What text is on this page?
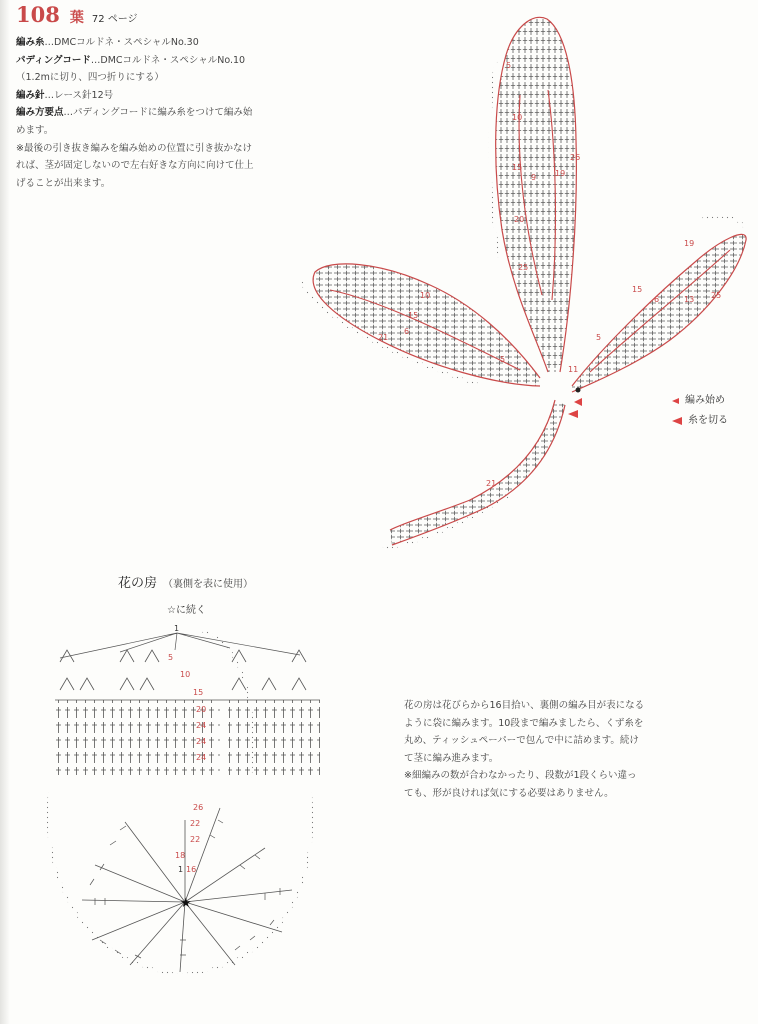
108 葉 72 ページ
編み糸…DMCコルドネ・スペシャルNo.30
パディングコード…DMCコルドネ・スペシャルNo.10
（1.2mに切り、四つ折りにする）
編み針…レース針12号
編み方要点…パディングコードに編み糸をつけて編み始
めます。
※最後の引き抜き編みを編み始めの位置に引き抜かなけ
れば、茎が固定しないので左右好きな方向に向けて仕上
げることが出来ます。
5
10
15
20
25
9 19
26
10
15
6
21
5
19
15
6	13 25
5
11
21
★
1
5
10
15
20
24
24
24
26
22
22
18
1 16
編み始め
糸を切る
花の房 （裏側を表に使用）
☆に続く
花の房は花びらから16目拾い、裏側の編み目が表になる
ように袋に編みます。10段まで編みましたら、くず糸を
丸め、ティッシュペーパーで包んで中に詰めます。続け
て茎に編み進みます。
※細編みの数が合わなかったり、段数が1段くらい違っ
ても、形が良ければ気にする必要はありません。
